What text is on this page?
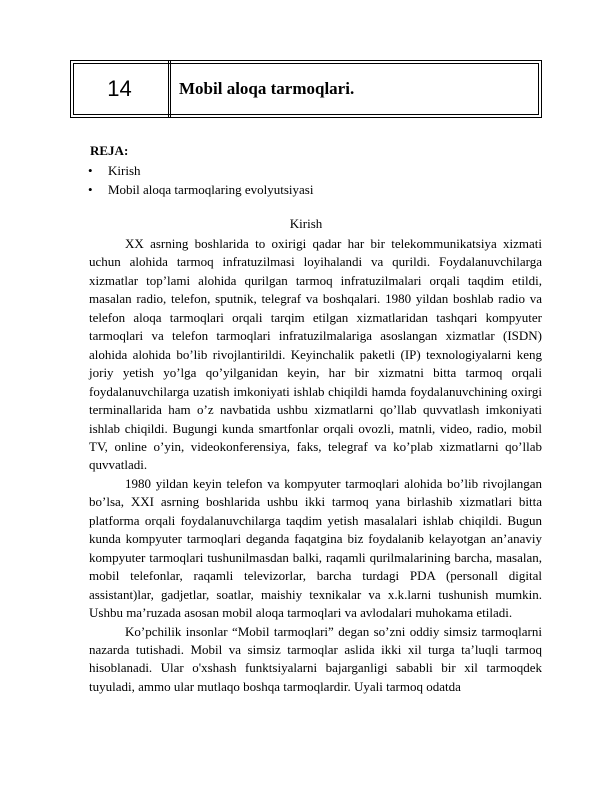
14	Mobil aloqa tarmoqlari.
REJA:
• Kirish
• Mobil aloqa tarmoqlaring evolyutsiyasi
Kirish

XX asrning boshlarida to oxirigi qadar har bir telekommunikatsiya xizmati uchun alohida tarmoq infratuzilmasi loyihalandi va qurildi. Foydalanuvchilarga xizmatlar top’lami alohida qurilgan tarmoq infratuzilmalari orqali taqdim etildi, masalan radio, telefon, sputnik, telegraf va boshqalari. 1980 yildan boshlab radio va telefon aloqa tarmoqlari orqali tarqim etilgan xizmatlaridan tashqari kompyuter tarmoqlari va telefon tarmoqlari infratuzilmalariga asoslangan xizmatlar (ISDN) alohida alohida bo’lib rivojlantirildi. Keyinchalik paketli (IP) texnologiyalarni keng joriy yetish yo’lga qo’yilganidan keyin, har bir xizmatni bitta tarmoq orqali foydalanuvchilarga uzatish imkoniyati ishlab chiqildi hamda foydalanuvchining oxirgi terminallarida ham o’z navbatida ushbu xizmatlarni qo’llab quvvatlash imkoniyati ishlab chiqildi. Bugungi kunda smartfonlar orqali ovozli, matnli, video, radio, mobil TV, online o’yin, videokonferensiya, faks, telegraf va ko’plab xizmatlarni qo’llab quvvatladi.

1980 yildan keyin telefon va kompyuter tarmoqlari alohida bo’lib rivojlangan bo’lsa, XXI asrning boshlarida ushbu ikki tarmoq yana birlashib xizmatlari bitta platforma orqali foydalanuvchilarga taqdim yetish masalalari ishlab chiqildi. Bugun kunda kompyuter tarmoqlari deganda faqatgina biz foydalanib kelayotgan an’anaviy kompyuter tarmoqlari tushunilmasdan balki, raqamli qurilmalarining barcha, masalan, mobil telefonlar, raqamli televizorlar, barcha turdagi PDA (personall digital assistant)lar, gadjetlar, soatlar, maishiy texnikalar va x.k.larni tushunish mumkin. Ushbu ma’ruzada asosan mobil aloqa tarmoqlari va avlodalari muhokama etiladi.

Ko’pchilik insonlar “Mobil tarmoqlari” degan so’zni oddiy simsiz tarmoqlarni nazarda tutishadi. Mobil va simsiz tarmoqlar aslida ikki xil turga ta’luqli tarmoq hisoblanadi. Ular o'xshash funktsiyalarni bajarganligi sababli bir xil tarmoqdek tuyuladi, ammo ular mutlaqo boshqa tarmoqlardir. Uyali tarmoq odatda
